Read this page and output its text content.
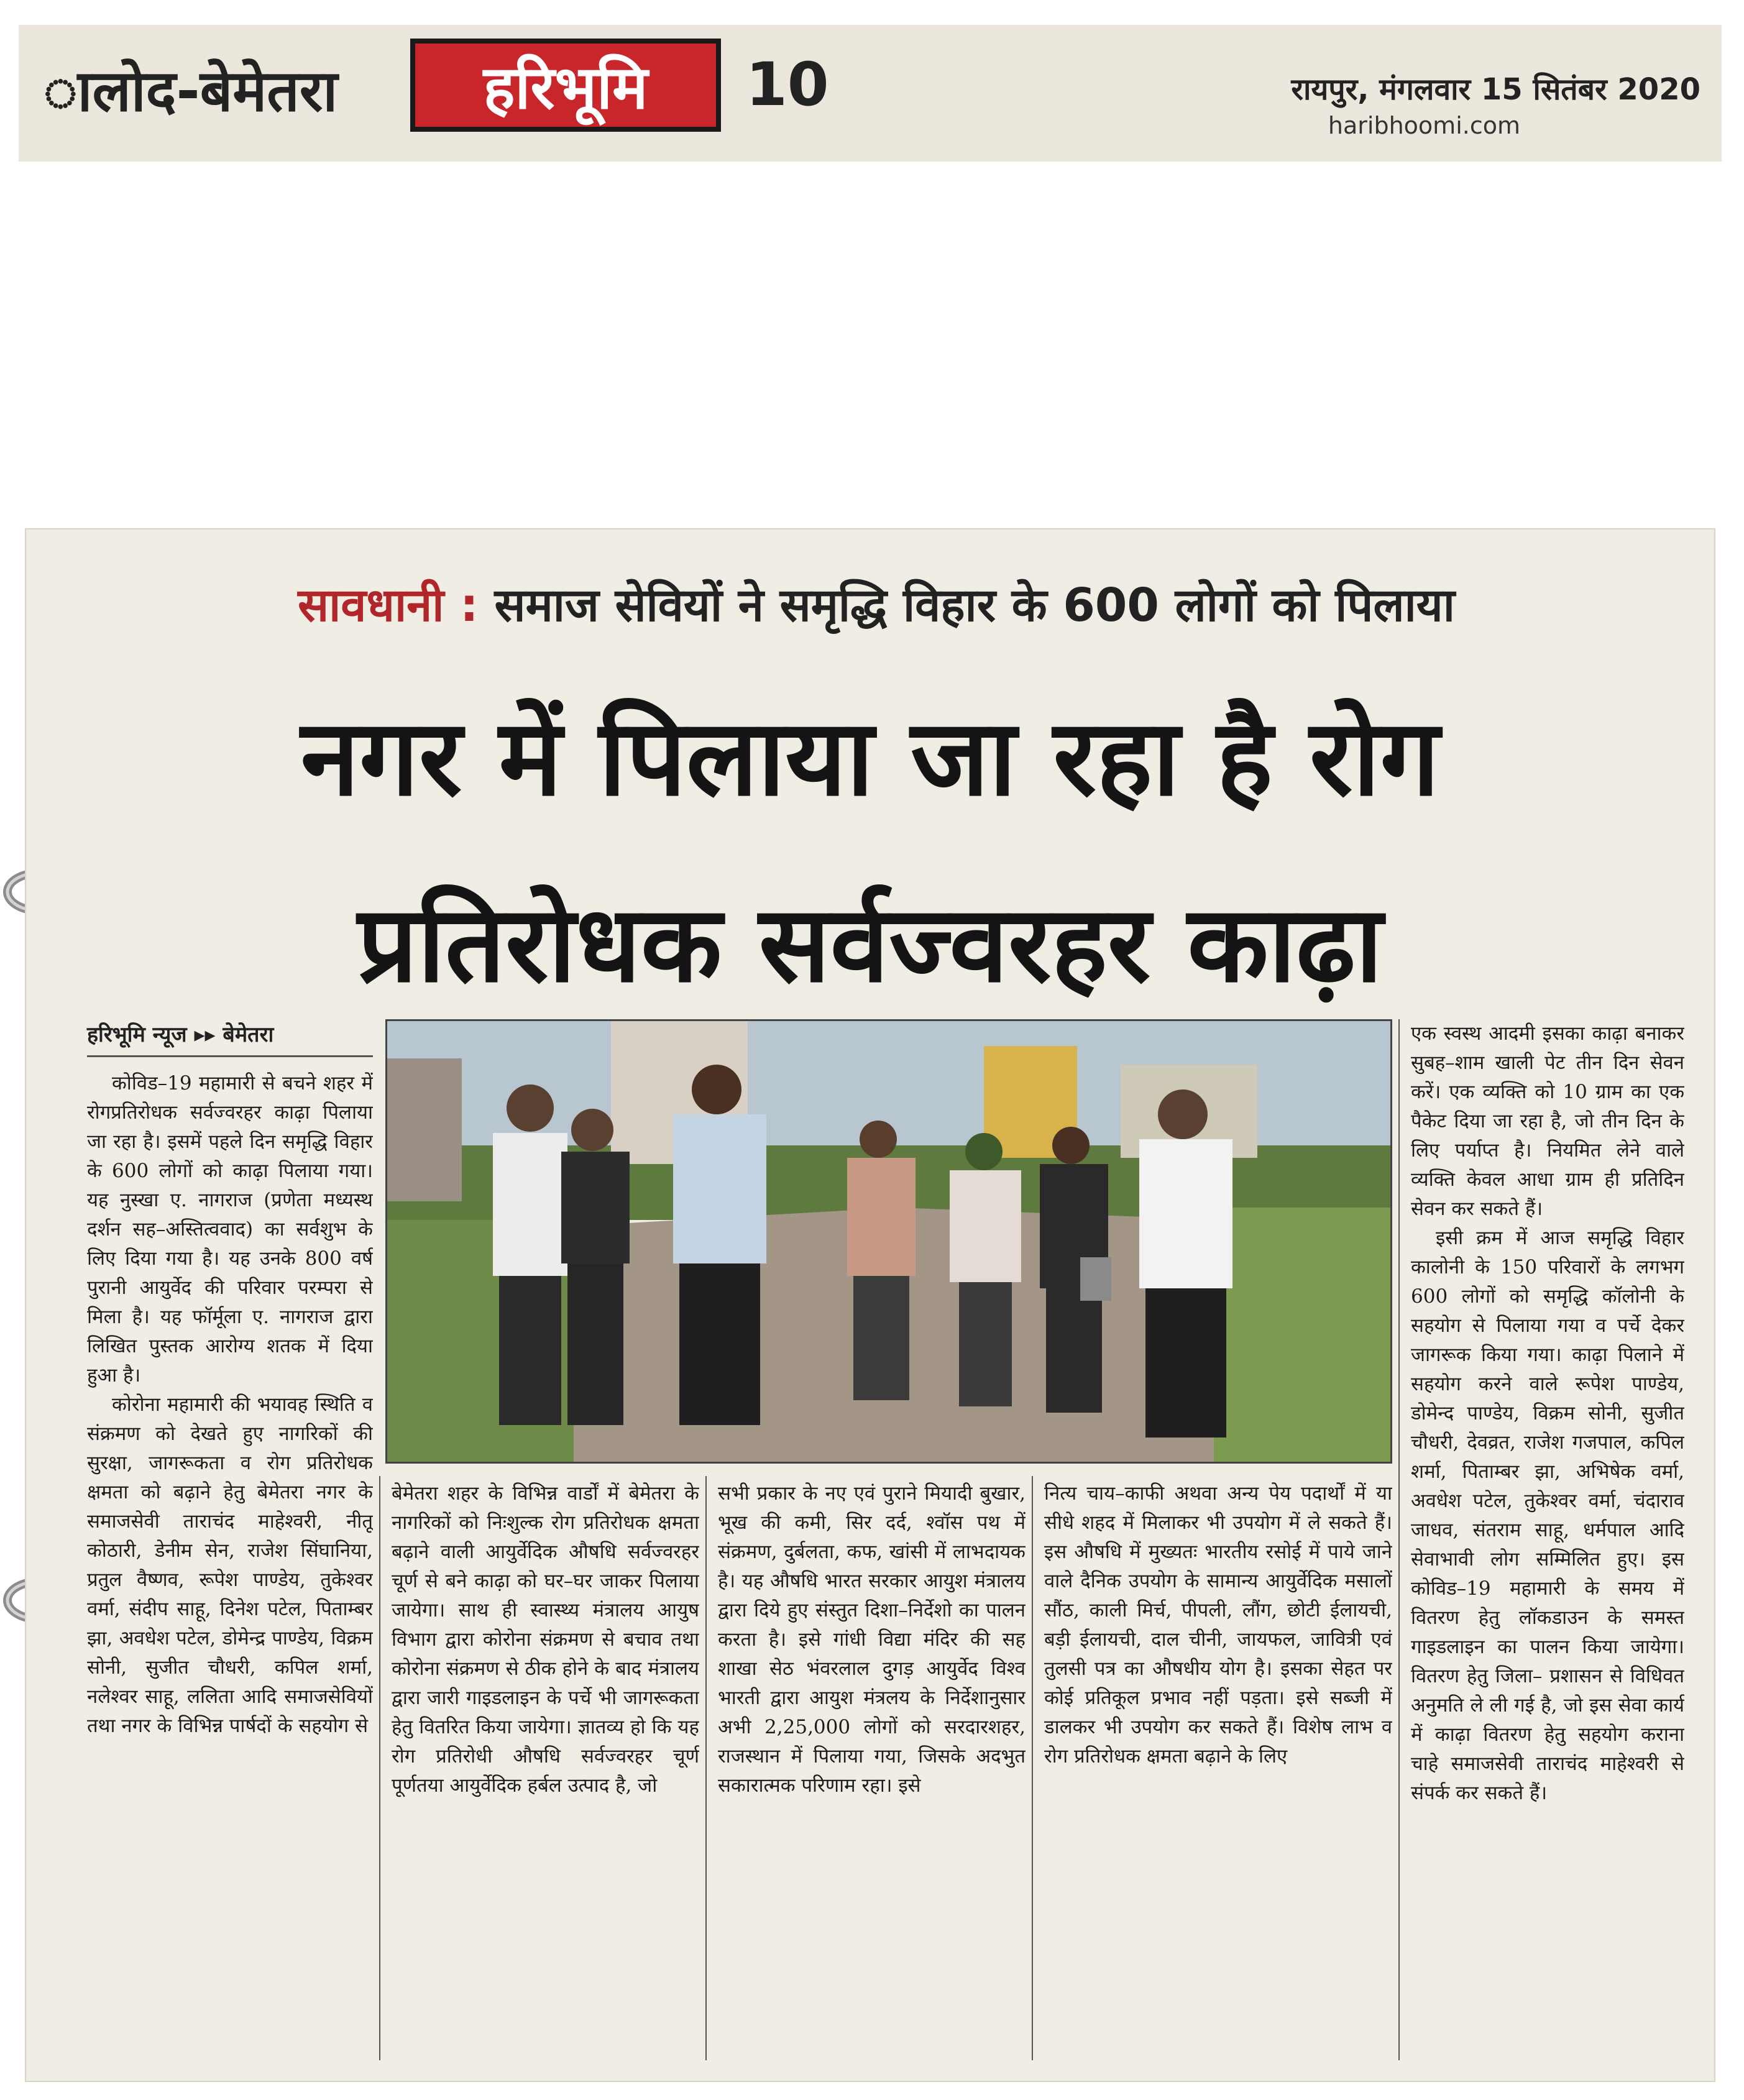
ालोद-बेमेतरा हरिभूमि 10	रायपुर, मंगलवार 15 सितंबर 2020
haribhoomi.com
सावधानी : समाज सेवियों ने समृद्धि विहार के 600 लोगों को पिलाया
नगर में पिलाया जा रहा है रोग
प्रतिरोधक सर्वज्वरहर काढ़ा
हरिभूमि न्यूज ▸▸ बेमेतरा

कोविड–19 महामारी से बचने शहर में रोगप्रतिरोधक सर्वज्वरहर काढ़ा पिलाया जा रहा है। इसमें पहले दिन समृद्धि विहार के 600 लोगों को काढ़ा पिलाया गया। यह नुस्खा ए. नागराज (प्रणेता मध्यस्थ दर्शन सह–अस्तित्ववाद) का सर्वशुभ के लिए दिया गया है। यह उनके 800 वर्ष पुरानी आयुर्वेद की परिवार परम्परा से मिला है। यह फॉर्मूला ए. नागराज द्वारा लिखित पुस्तक आरोग्य शतक में दिया हुआ है।

कोरोना महामारी की भयावह स्थिति व संक्रमण को देखते हुए नागरिकों की सुरक्षा, जागरूकता व रोग प्रतिरोधक क्षमता को बढ़ाने हेतु बेमेतरा नगर के समाजसेवी ताराचंद माहेश्वरी, नीतू कोठारी, डेनीम सेन, राजेश सिंघानिया, प्रतुल वैष्णव, रूपेश पाण्डेय, तुकेश्वर वर्मा, संदीप साहू, दिनेश पटेल, पिताम्बर झा, अवधेश पटेल, डोमेन्द्र पाण्डेय, विक्रम सोनी, सुजीत चौधरी, कपिल शर्मा, नलेश्वर साहू, ललिता आदि समाजसेवियों तथा नगर के विभिन्न पार्षदों के सहयोग से

बेमेतरा शहर के विभिन्न वार्डों में बेमेतरा के नागरिकों को निःशुल्क रोग प्रतिरोधक क्षमता बढ़ाने वाली आयुर्वेदिक औषधि सर्वज्वरहर चूर्ण से बने काढ़ा को घर–घर जाकर पिलाया जायेगा। साथ ही स्वास्थ्य मंत्रालय आयुष विभाग द्वारा कोरोना संक्रमण से बचाव तथा कोरोना संक्रमण से ठीक होने के बाद मंत्रालय द्वारा जारी गाइडलाइन के पर्चे भी जागरूकता हेतु वितरित किया जायेगा। ज्ञातव्य हो कि यह रोग प्रतिरोधी औषधि सर्वज्वरहर चूर्ण पूर्णतया आयुर्वेदिक हर्बल उत्पाद है, जो

सभी प्रकार के नए एवं पुराने मियादी बुखार, भूख की कमी, सिर दर्द, श्वॉस पथ में संक्रमण, दुर्बलता, कफ, खांसी में लाभदायक है। यह औषधि भारत सरकार आयुश मंत्रालय द्वारा दिये हुए संस्तुत दिशा–निर्देशो का पालन करता है। इसे गांधी विद्या मंदिर की सह शाखा सेठ भंवरलाल दुगड़ आयुर्वेद विश्व भारती द्वारा आयुश मंत्रलय के निर्देशानुसार अभी 2,25,000 लोगों को सरदारशहर, राजस्थान में पिलाया गया, जिसके अदभुत सकारात्मक परिणाम रहा। इसे

नित्य चाय–काफी अथवा अन्य पेय पदार्थों में या सीधे शहद में मिलाकर भी उपयोग में ले सकते हैं। इस औषधि में मुख्यतः भारतीय रसोई में पाये जाने वाले दैनिक उपयोग के सामान्य आयुर्वेदिक मसालों सौंठ, काली मिर्च, पीपली, लौंग, छोटी ईलायची, बड़ी ईलायची, दाल चीनी, जायफल, जावित्री एवं तुलसी पत्र का औषधीय योग है। इसका सेहत पर कोई प्रतिकूल प्रभाव नहीं पड़ता। इसे सब्जी में डालकर भी उपयोग कर सकते हैं। विशेष लाभ व रोग प्रतिरोधक क्षमता बढ़ाने के लिए

एक स्वस्थ आदमी इसका काढ़ा बनाकर सुबह–शाम खाली पेट तीन दिन सेवन करें। एक व्यक्ति को 10 ग्राम का एक पैकेट दिया जा रहा है, जो तीन दिन के लिए पर्याप्त है। नियमित लेने वाले व्यक्ति केवल आधा ग्राम ही प्रतिदिन सेवन कर सकते हैं।

इसी क्रम में आज समृद्धि विहार कालोनी के 150 परिवारों के लगभग 600 लोगों को समृद्धि कॉलोनी के सहयोग से पिलाया गया व पर्चे देकर जागरूक किया गया। काढ़ा पिलाने में सहयोग करने वाले रूपेश पाण्डेय, डोमेन्द पाण्डेय, विक्रम सोनी, सुजीत चौधरी, देवव्रत, राजेश गजपाल, कपिल शर्मा, पिताम्बर झा, अभिषेक वर्मा, अवधेश पटेल, तुकेश्वर वर्मा, चंदाराव जाधव, संतराम साहू, धर्मपाल आदि सेवाभावी लोग सम्मिलित हुए। इस कोविड–19 महामारी के समय में वितरण हेतु लॉकडाउन के समस्त गाइडलाइन का पालन किया जायेगा। वितरण हेतु जिला– प्रशासन से विधिवत अनुमति ले ली गई है, जो इस सेवा कार्य में काढ़ा वितरण हेतु सहयोग कराना चाहे समाजसेवी ताराचंद माहेश्वरी से संपर्क कर सकते हैं।
